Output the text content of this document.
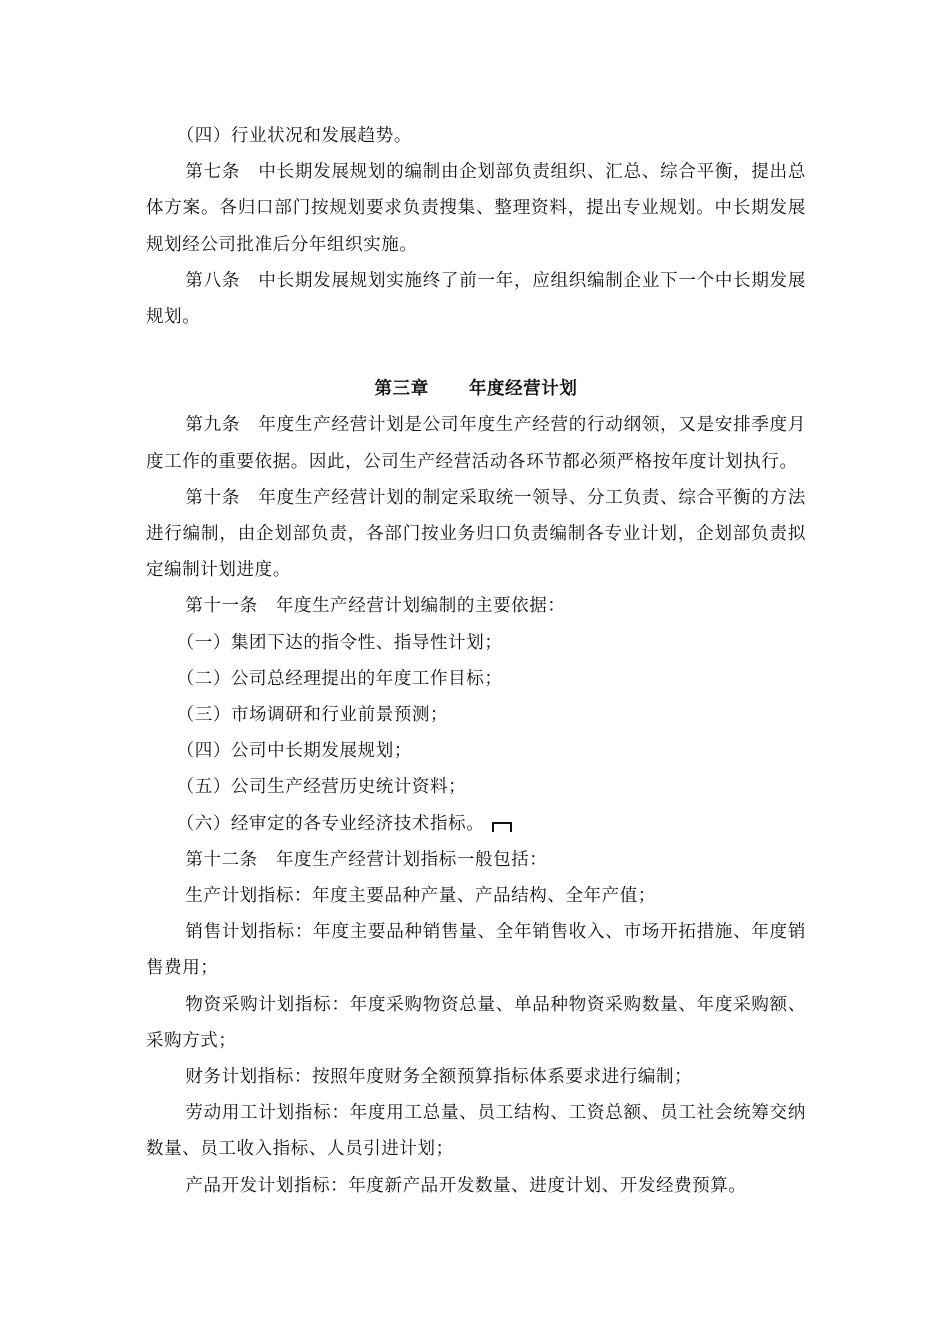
（四）行业状况和发展趋势。

第七条　中长期发展规划的编制由企划部负责组织、汇总、综合平衡，提出总体方案。各归口部门按规划要求负责搜集、整理资料，提出专业规划。中长期发展规划经公司批准后分年组织实施。

第八条　中长期发展规划实施终了前一年，应组织编制企业下一个中长期发展规划。

第三章 年度经营计划

第九条　年度生产经营计划是公司年度生产经营的行动纲领，又是安排季度月度工作的重要依据。因此，公司生产经营活动各环节都必须严格按年度计划执行。

第十条　年度生产经营计划的制定采取统一领导、分工负责、综合平衡的方法进行编制，由企划部负责，各部门按业务归口负责编制各专业计划，企划部负责拟定编制计划进度。

第十一条　年度生产经营计划编制的主要依据：

（一）集团下达的指令性、指导性计划；

（二）公司总经理提出的年度工作目标；

（三）市场调研和行业前景预测；

（四）公司中长期发展规划；

（五）公司生产经营历史统计资料；

（六）经审定的各专业经济技术指标。

第十二条　年度生产经营计划指标一般包括：

生产计划指标：年度主要品种产量、产品结构、全年产值；

销售计划指标：年度主要品种销售量、全年销售收入、市场开拓措施、年度销售费用；

物资采购计划指标：年度采购物资总量、单品种物资采购数量、年度采购额、采购方式；

财务计划指标：按照年度财务全额预算指标体系要求进行编制；

劳动用工计划指标：年度用工总量、员工结构、工资总额、员工社会统筹交纳数量、员工收入指标、人员引进计划；

产品开发计划指标：年度新产品开发数量、进度计划、开发经费预算。
